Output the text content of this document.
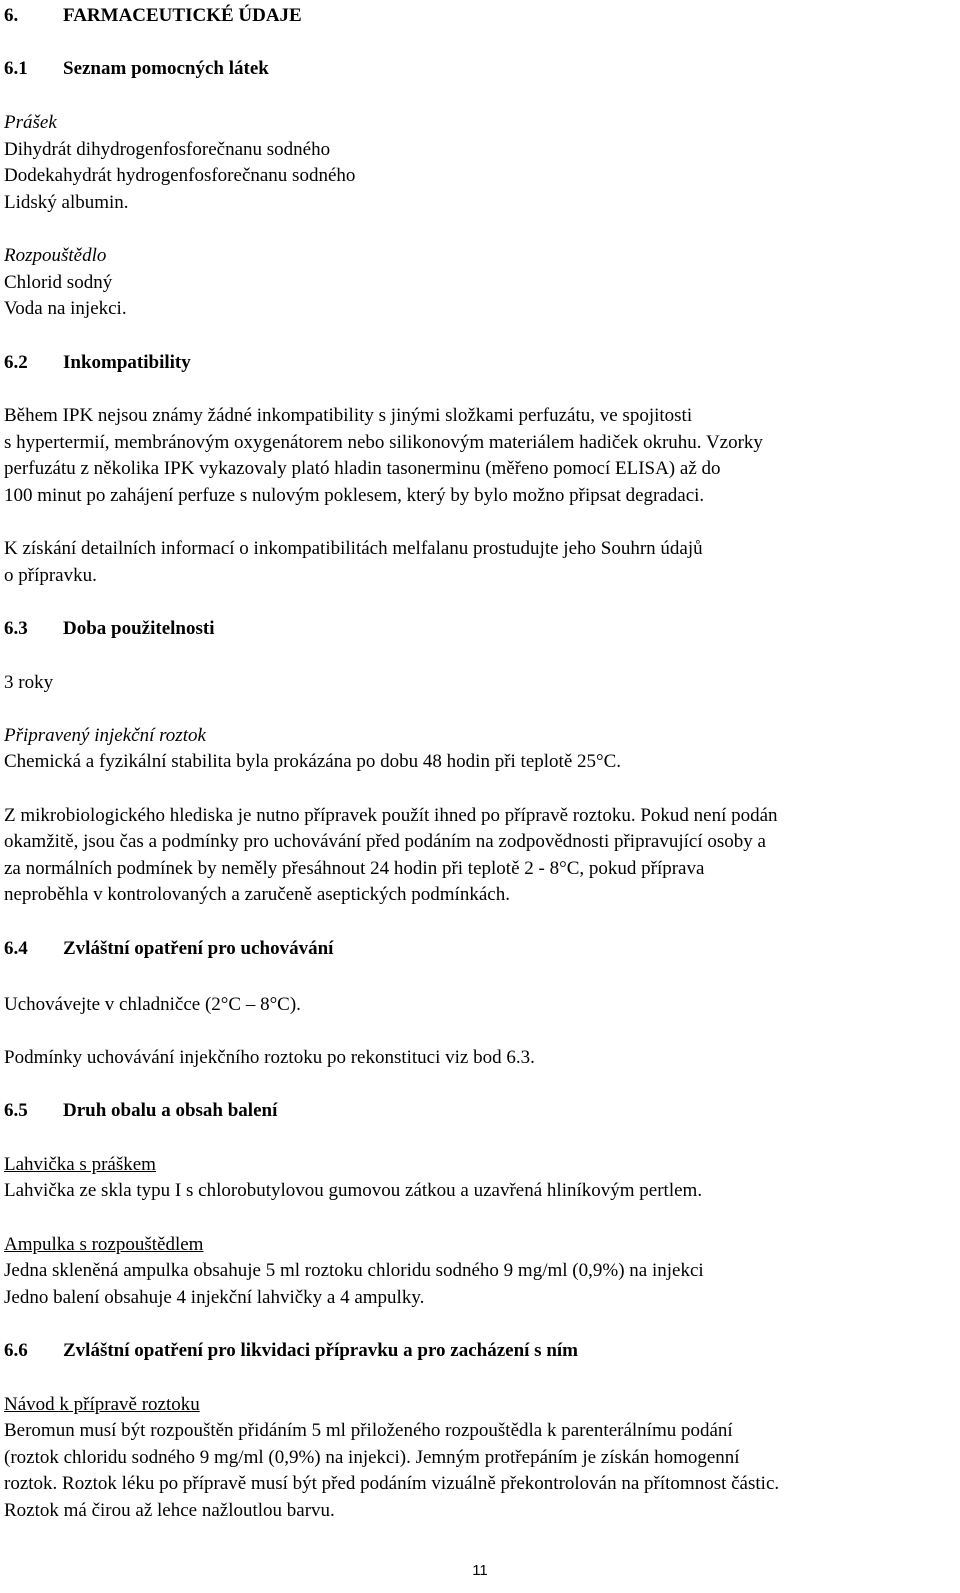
6. FARMACEUTICKÉ ÚDAJE
6.1 Seznam pomocných látek
Prášek
Dihydrát dihydrogenfosforečnanu sodného
Dodekahydrát hydrogenfosforečnanu sodného
Lidský albumin.
Rozpouštědlo
Chlorid sodný
Voda na injekci.
6.2 Inkompatibility
Během IPK nejsou známy žádné inkompatibility s jinými složkami perfuzátu, ve spojitosti
s hypertermií, membránovým oxygenátorem nebo silikonovým materiálem hadiček okruhu. Vzorky
perfuzátu z několika IPK vykazovaly plató hladin tasonerminu (měřeno pomocí ELISA) až do
100 minut po zahájení perfuze s nulovým poklesem, který by bylo možno připsat degradaci.
K získání detailních informací o inkompatibilitách melfalanu prostudujte jeho Souhrn údajů
o přípravku.
6.3 Doba použitelnosti
3 roky
Připravený injekční roztok
Chemická a fyzikální stabilita byla prokázána po dobu 48 hodin při teplotě 25°C.
Z mikrobiologického hlediska je nutno přípravek použít ihned po přípravě roztoku. Pokud není podán
okamžitě, jsou čas a podmínky pro uchovávání před podáním na zodpovědnosti připravující osoby a
za normálních podmínek by neměly přesáhnout 24 hodin při teplotě 2 - 8°C, pokud příprava
neproběhla v kontrolovaných a zaručeně aseptických podmínkách.
6.4 Zvláštní opatření pro uchovávání
Uchovávejte v chladničce (2°C – 8°C).
Podmínky uchovávání injekčního roztoku po rekonstituci viz bod 6.3.
6.5 Druh obalu a obsah balení
Lahvička s práškem
Lahvička ze skla typu I s chlorobutylovou gumovou zátkou a uzavřená hliníkovým pertlem.
Ampulka s rozpouštědlem
Jedna skleněná ampulka obsahuje 5 ml roztoku chloridu sodného 9 mg/ml (0,9%) na injekci
Jedno balení obsahuje 4 injekční lahvičky a 4 ampulky.
6.6 Zvláštní opatření pro likvidaci přípravku a pro zacházení s ním
Návod k přípravě roztoku
Beromun musí být rozpouštěn přidáním 5 ml přiloženého rozpouštědla k parenterálnímu podání
(roztok chloridu sodného 9 mg/ml (0,9%) na injekci). Jemným protřepáním je získán homogenní
roztok. Roztok léku po přípravě musí být před podáním vizuálně překontrolován na přítomnost částic.
Roztok má čirou až lehce nažloutlou barvu.
11
